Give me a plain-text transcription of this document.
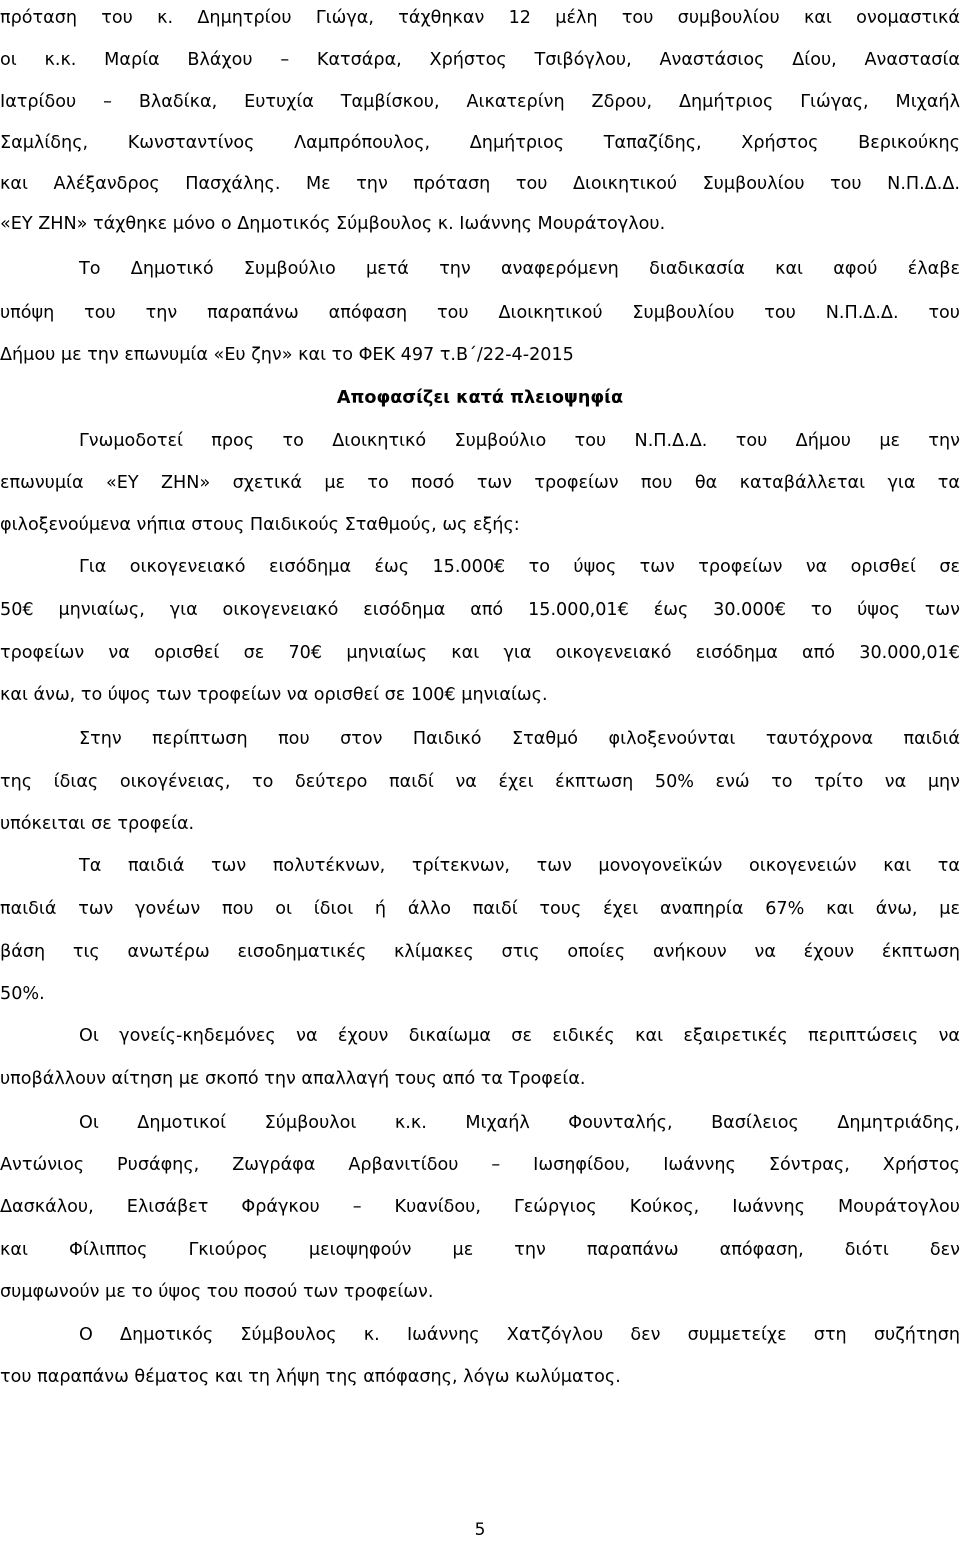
πρόταση του κ. Δημητρίου Γιώγα, τάχθηκαν 12 μέλη του συμβουλίου και ονομαστικά
οι κ.κ. Μαρία Βλάχου – Κατσάρα, Χρήστος Τσιβόγλου, Αναστάσιος Δίου, Αναστασία
Ιατρίδου – Βλαδίκα, Ευτυχία Ταμβίσκου, Αικατερίνη Ζδρου, Δημήτριος Γιώγας, Μιχαήλ
Σαμλίδης, Κωνσταντίνος Λαμπρόπουλος, Δημήτριος Ταπαζίδης, Χρήστος Βερικούκης
και Αλέξανδρος Πασχάλης. Με την πρόταση του Διοικητικού Συμβουλίου του Ν.Π.Δ.Δ.
«ΕΥ ΖΗΝ» τάχθηκε μόνο ο Δημοτικός Σύμβουλος κ. Ιωάννης Μουράτογλου.
Το Δημοτικό Συμβούλιο μετά την αναφερόμενη διαδικασία και αφού έλαβε
υπόψη του την παραπάνω απόφαση του Διοικητικού Συμβουλίου του Ν.Π.Δ.Δ. του
Δήμου με την επωνυμία «Ευ ζην» και το ΦΕΚ 497 τ.Β΄/22-4-2015
Αποφασίζει κατά πλειοψηφία
Γνωμοδοτεί προς το Διοικητικό Συμβούλιο του Ν.Π.Δ.Δ. του Δήμου με την
επωνυμία «ΕΥ ΖΗΝ» σχετικά με το ποσό των τροφείων που θα καταβάλλεται για τα
φιλοξενούμενα νήπια στους Παιδικούς Σταθμούς, ως εξής:
Για οικογενειακό εισόδημα έως 15.000€ το ύψος των τροφείων να ορισθεί σε
50€ μηνιαίως, για οικογενειακό εισόδημα από 15.000,01€ έως 30.000€ το ύψος των
τροφείων να ορισθεί σε 70€ μηνιαίως και για οικογενειακό εισόδημα από 30.000,01€
και άνω, το ύψος των τροφείων να ορισθεί σε 100€ μηνιαίως.
Στην περίπτωση που στον Παιδικό Σταθμό φιλοξενούνται ταυτόχρονα παιδιά
της ίδιας οικογένειας, το δεύτερο παιδί να έχει έκπτωση 50% ενώ το τρίτο να μην
υπόκειται σε τροφεία.
Τα παιδιά των πολυτέκνων, τρίτεκνων, των μονογονεϊκών οικογενειών και τα
παιδιά των γονέων που οι ίδιοι ή άλλο παιδί τους έχει αναπηρία 67% και άνω, με
βάση τις ανωτέρω εισοδηματικές κλίμακες στις οποίες ανήκουν να έχουν έκπτωση
50%.
Οι γονείς-κηδεμόνες να έχουν δικαίωμα σε ειδικές και εξαιρετικές περιπτώσεις να
υποβάλλουν αίτηση με σκοπό την απαλλαγή τους από τα Τροφεία.
Οι Δημοτικοί Σύμβουλοι κ.κ. Μιχαήλ Φουνταλής, Βασίλειος Δημητριάδης,
Αντώνιος Ρυσάφης, Ζωγράφα Αρβανιτίδου – Ιωσηφίδου, Ιωάννης Σόντρας, Χρήστος
Δασκάλου, Ελισάβετ Φράγκου – Κυανίδου, Γεώργιος Κούκος, Ιωάννης Μουράτογλου
και Φίλιππος Γκιούρος μειοψηφούν με την παραπάνω απόφαση, διότι δεν
συμφωνούν με το ύψος του ποσού των τροφείων.
Ο Δημοτικός Σύμβουλος κ. Ιωάννης Χατζόγλου δεν συμμετείχε στη συζήτηση
του παραπάνω θέματος και τη λήψη της απόφασης, λόγω κωλύματος.
5
